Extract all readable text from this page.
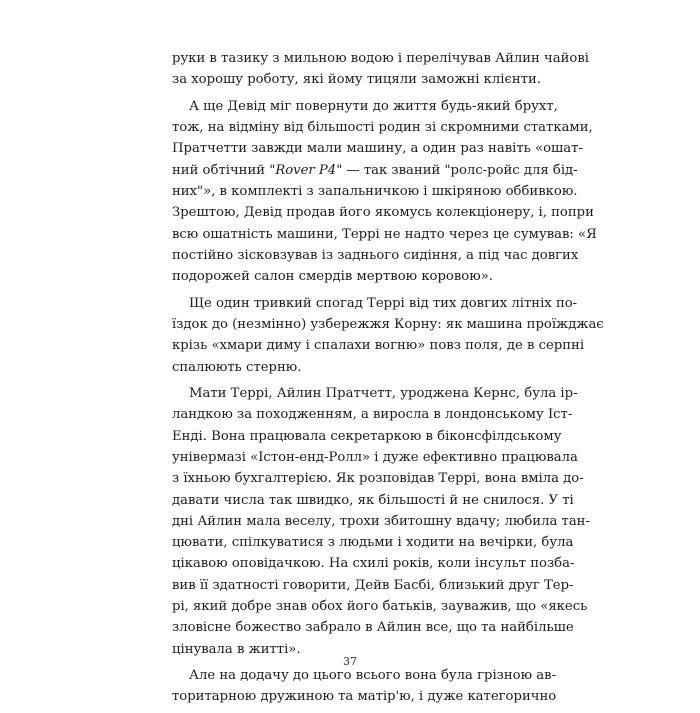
руки в тазику з мильною водою і перелічував Айлин чайові
за хорошу роботу, які йому тицяли заможні клієнти.
А ще Девід міг повернути до життя будь-який брухт,
тож, на відміну від більшості родин зі скромними статками,
Пратчетти завжди мали машину, а один раз навіть «ошат-
ний обтічний "Rover P4" — так званий "ролс-ройс для бід-
них"», в комплекті з запальничкою і шкіряною оббивкою.
Зрештою, Девід продав його якомусь колекціонеру, і, попри
всю ошатність машини, Террі не надто через це сумував: «Я
постійно зісковзував із заднього сидіння, а під час довгих
подорожей салон смердів мертвою коровою».
Ще один тривкий спогад Террі від тих довгих літніх по-
їздок до (незмінно) узбережжя Корну: як машина проїжджає
крізь «хмари диму і спалахи вогню» повз поля, де в серпні
спалюють стерню.
Мати Террі, Айлин Пратчетт, уроджена Кернс, була ір-
ландкою за походженням, а виросла в лондонському Іст-
Енді. Вона працювала секретаркою в біконсфілдському
універмазі «Істон-енд-Ролл» і дуже ефективно працювала
з їхньою бухгалтерією. Як розповідав Террі, вона вміла до-
давати числа так швидко, як більшості й не снилося. У ті
дні Айлин мала веселу, трохи збитошну вдачу; любила тан-
цювати, спілкуватися з людьми і ходити на вечірки, була
цікавою оповідачкою. На схилі років, коли інсульт позба-
вив її здатності говорити, Дейв Басбі, близький друг Тер-
рі, який добре знав обох його батьків, зауважив, що «якесь
зловісне божество забрало в Айлин все, що та найбільше
цінувала в житті».
Але на додачу до цього всього вона була грізною ав-
торитарною дружиною та матір'ю, і дуже категорично
37
